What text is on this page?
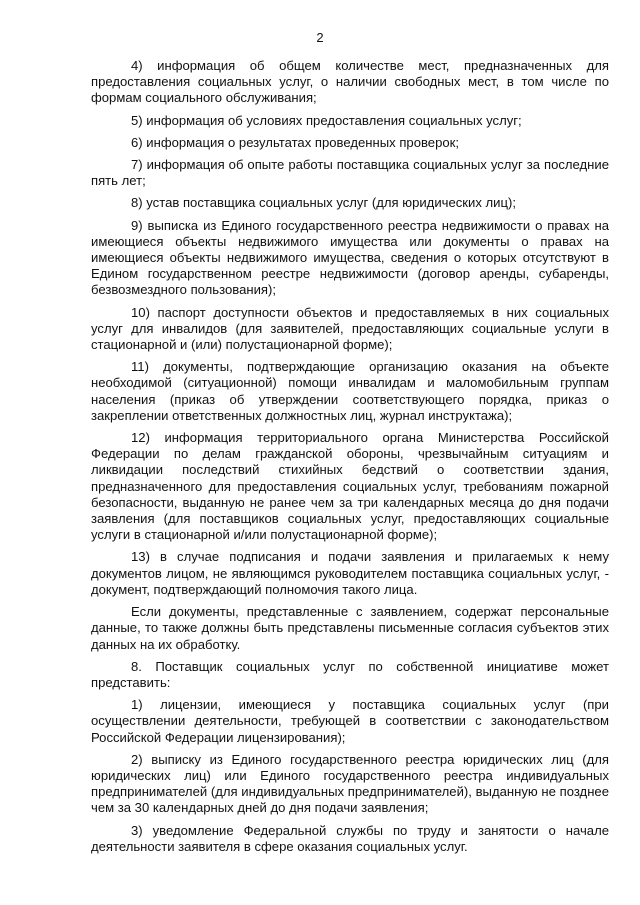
2

4) информация об общем количестве мест, предназначенных для предоставления социальных услуг, о наличии свободных мест, в том числе по формам социального обслуживания;

5) информация об условиях предоставления социальных услуг;

6) информация о результатах проведенных проверок;

7) информация об опыте работы поставщика социальных услуг за последние пять лет;

8) устав поставщика социальных услуг (для юридических лиц);

9) выписка из Единого государственного реестра недвижимости о правах на имеющиеся объекты недвижимого имущества или документы о правах на имеющиеся объекты недвижимого имущества, сведения о которых отсутствуют в Едином государственном реестре недвижимости (договор аренды, субаренды, безвозмездного пользования);

10) паспорт доступности объектов и предоставляемых в них социальных услуг для инвалидов (для заявителей, предоставляющих социальные услуги в стационарной и (или) полустационарной форме);

11) документы, подтверждающие организацию оказания на объекте необходимой (ситуационной) помощи инвалидам и маломобильным группам населения (приказ об утверждении соответствующего порядка, приказ о закреплении ответственных должностных лиц, журнал инструктажа);

12) информация территориального органа Министерства Российской Федерации по делам гражданской обороны, чрезвычайным ситуациям и ликвидации последствий стихийных бедствий о соответствии здания, предназначенного для предоставления социальных услуг, требованиям пожарной безопасности, выданную не ранее чем за три календарных месяца до дня подачи заявления (для поставщиков социальных услуг, предоставляющих социальные услуги в стационарной и/или полустационарной форме);

13) в случае подписания и подачи заявления и прилагаемых к нему документов лицом, не являющимся руководителем поставщика социальных услуг, - документ, подтверждающий полномочия такого лица.

Если документы, представленные с заявлением, содержат персональные данные, то также должны быть представлены письменные согласия субъектов этих данных на их обработку.

8. Поставщик социальных услуг по собственной инициативе может представить:

1) лицензии, имеющиеся у поставщика социальных услуг (при осуществлении деятельности, требующей в соответствии с законодательством Российской Федерации лицензирования);

2) выписку из Единого государственного реестра юридических лиц (для юридических лиц) или Единого государственного реестра индивидуальных предпринимателей (для индивидуальных предпринимателей), выданную не позднее чем за 30 календарных дней до дня подачи заявления;

3) уведомление Федеральной службы по труду и занятости о начале деятельности заявителя в сфере оказания социальных услуг.
